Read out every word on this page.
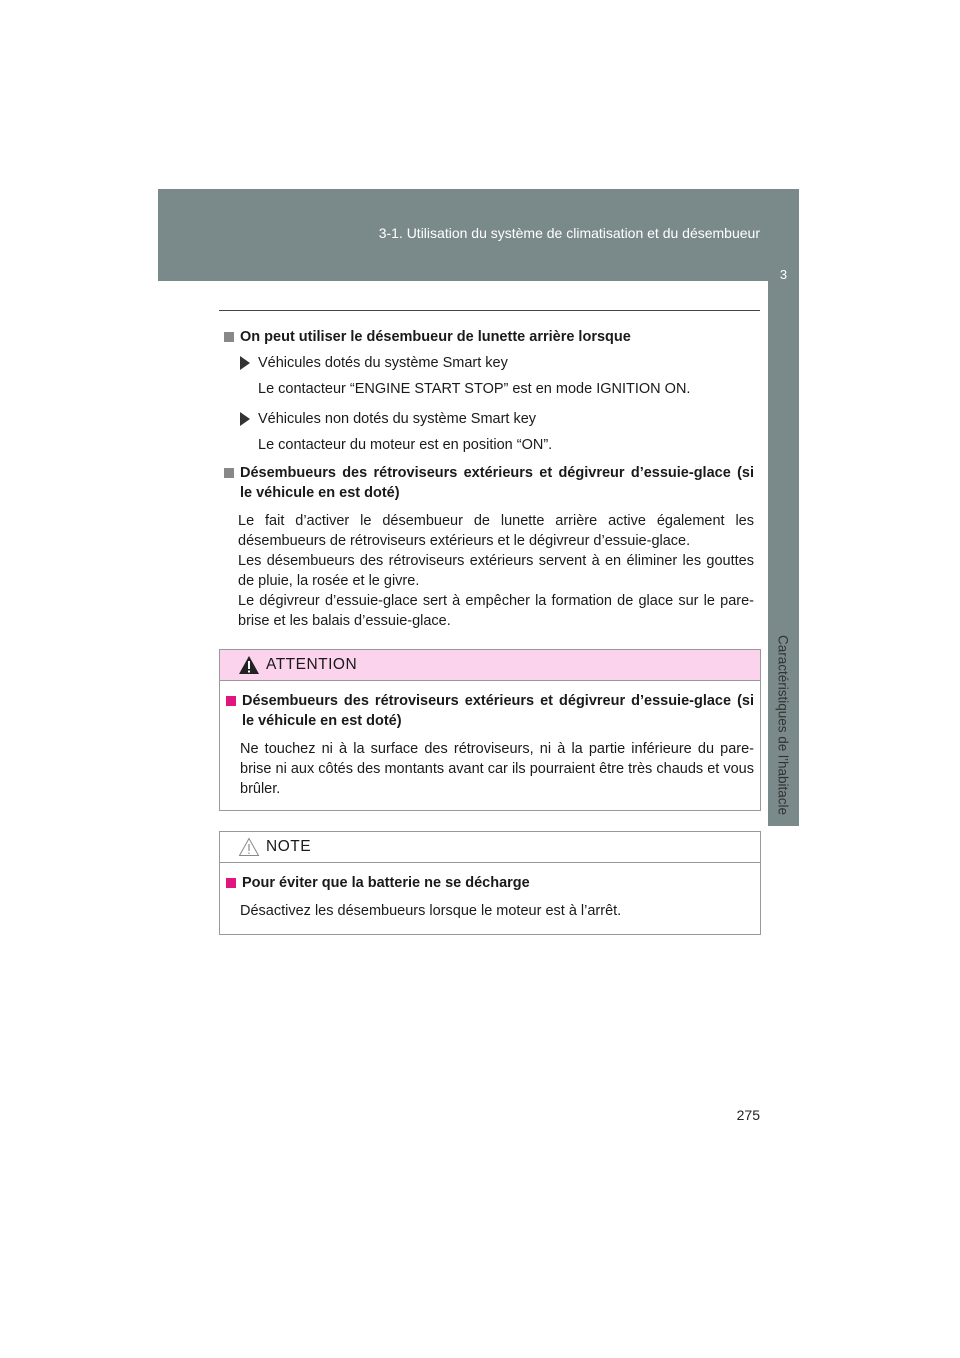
3-1. Utilisation du système de climatisation et du désembueur
3
Caractéristiques de l’habitacle
On peut utiliser le désembueur de lunette arrière lorsque
Véhicules dotés du système Smart key
Le contacteur “ENGINE START STOP” est en mode IGNITION ON.
Véhicules non dotés du système Smart key
Le contacteur du moteur est en position “ON”.
Désembueurs des rétroviseurs extérieurs et dégivreur d’essuie-glace (si le véhicule en est doté)
Le fait d’activer le désembueur de lunette arrière active également les désembueurs de rétroviseurs extérieurs et le dégivreur d’essuie-glace.
Les désembueurs des rétroviseurs extérieurs servent à en éliminer les gouttes de pluie, la rosée et le givre.
Le dégivreur d’essuie-glace sert à empêcher la formation de glace sur le pare-brise et les balais d’essuie-glace.
ATTENTION
Désembueurs des rétroviseurs extérieurs et dégivreur d’essuie-glace (si le véhicule en est doté)
Ne touchez ni à la surface des rétroviseurs, ni à la partie inférieure du pare-brise ni aux côtés des montants avant car ils pourraient être très chauds et vous brûler.
NOTE
Pour éviter que la batterie ne se décharge
Désactivez les désembueurs lorsque le moteur est à l’arrêt.
275
